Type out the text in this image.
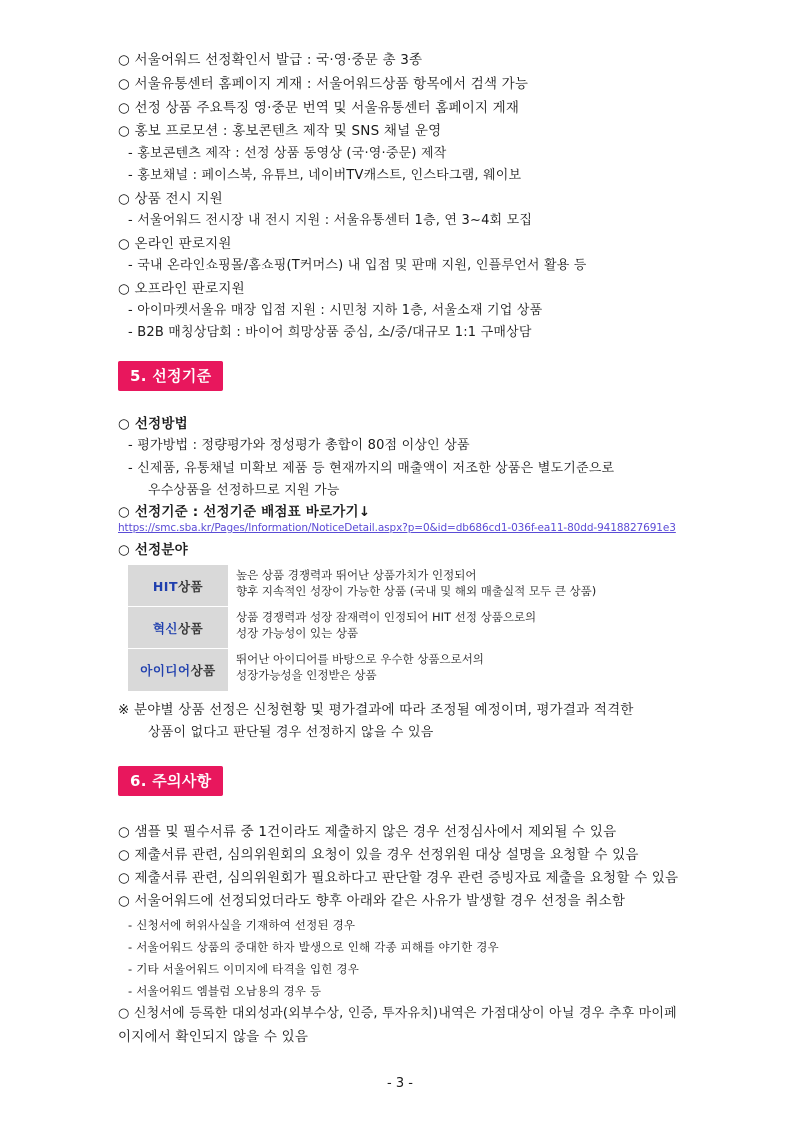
○ 서울어워드 선정확인서 발급 : 국·영·중문 총 3종
○ 서울유통센터 홈페이지 게재 : 서울어워드상품 항목에서 검색 가능
○ 선정 상품 주요특징 영·중문 번역 및 서울유통센터 홈페이지 게재
○ 홍보 프로모션 : 홍보콘텐츠 제작 및 SNS 채널 운영
- 홍보콘텐츠 제작 : 선정 상품 동영상 (국·영·중문) 제작
- 홍보채널 : 페이스북, 유튜브, 네이버TV캐스트, 인스타그램, 웨이보
○ 상품 전시 지원
- 서울어워드 전시장 내 전시 지원 : 서울유통센터 1층, 연 3~4회 모집
○ 온라인 판로지원
- 국내 온라인쇼핑몰/홈쇼핑(T커머스) 내 입점 및 판매 지원, 인플루언서 활용 등
○ 오프라인 판로지원
- 아이마켓서울유 매장 입점 지원 : 시민청 지하 1층, 서울소재 기업 상품
- B2B 매칭상담회 : 바이어 희망상품 중심, 소/중/대규모 1:1 구매상담
5. 선정기준
○ 선정방법
- 평가방법 : 정량평가와 정성평가 총합이 80점 이상인 상품
- 신제품, 유통채널 미확보 제품 등 현재까지의 매출액이 저조한 상품은 별도기준으로
우수상품을 선정하므로 지원 가능
○ 선정기준 : 선정기준 배점표 바로가기↓
https://smc.sba.kr/Pages/Information/NoticeDetail.aspx?p=0&id=db686cd1-036f-ea11-80dd-9418827691e3
○ 선정분야
HIT 상품
높은 상품 경쟁력과 뛰어난 상품가치가 인정되어
향후 지속적인 성장이 가능한 상품 (국내 및 해외 매출실적 모두 큰 상품)
혁신 상품
상품 경쟁력과 성장 잠재력이 인정되어 HIT 선정 상품으로의
성장 가능성이 있는 상품
아이디어 상품
뛰어난 아이디어를 바탕으로 우수한 상품으로서의
성장가능성을 인정받은 상품
※ 분야별 상품 선정은 신청현황 및 평가결과에 따라 조정될 예정이며, 평가결과 적격한
상품이 없다고 판단될 경우 선정하지 않을 수 있음
6. 주의사항
○ 샘플 및 필수서류 중 1건이라도 제출하지 않은 경우 선정심사에서 제외될 수 있음
○ 제출서류 관련, 심의위원회의 요청이 있을 경우 선정위원 대상 설명을 요청할 수 있음
○ 제출서류 관련, 심의위원회가 필요하다고 판단할 경우 관련 증빙자료 제출을 요청할 수 있음
○ 서울어워드에 선정되었더라도 향후 아래와 같은 사유가 발생할 경우 선정을 취소함
- 신청서에 허위사실을 기재하여 선정된 경우
- 서울어워드 상품의 중대한 하자 발생으로 인해 각종 피해를 야기한 경우
- 기타 서울어워드 이미지에 타격을 입힌 경우
- 서울어워드 엠블럼 오남용의 경우 등
○ 신청서에 등록한 대외성과(외부수상, 인증, 투자유치)내역은 가점대상이 아닐 경우 추후 마이페
이지에서 확인되지 않을 수 있음
- 3 -
